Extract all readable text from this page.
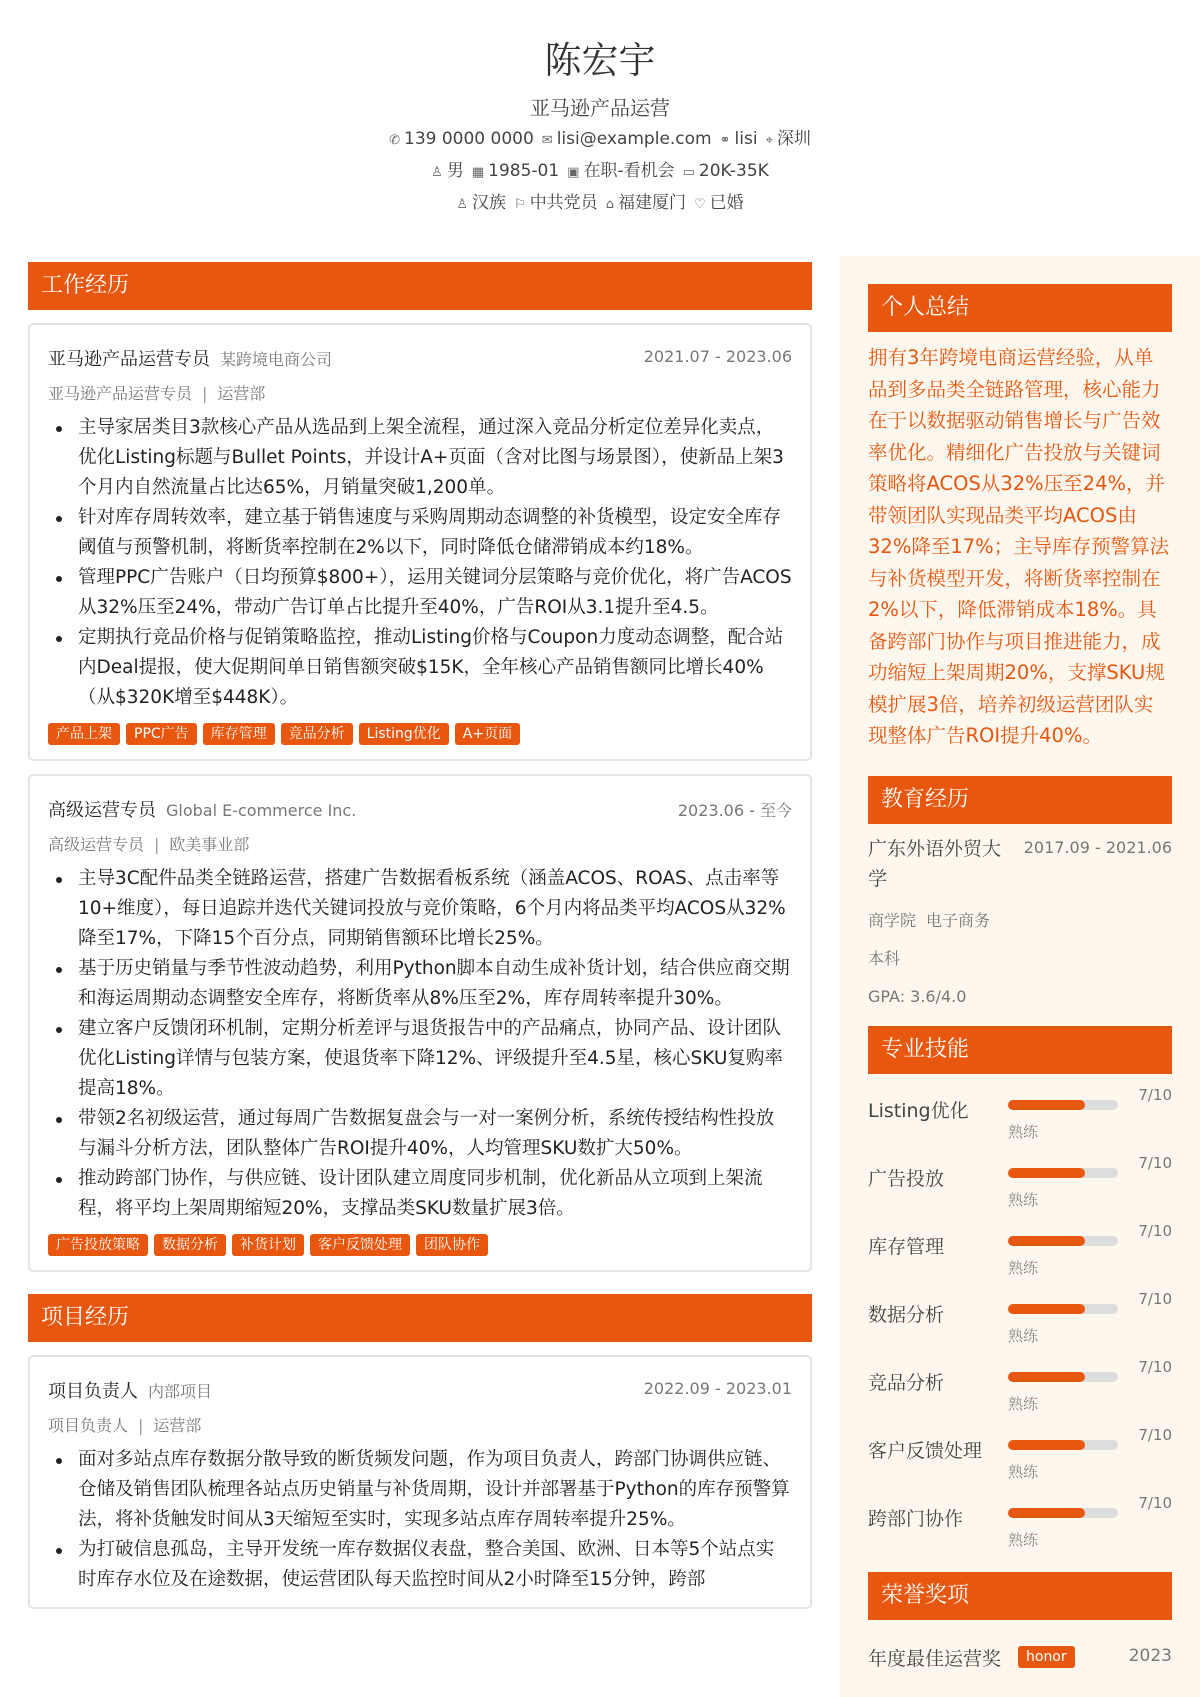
陈宏宇
亚马逊产品运营
✆ 139 0000 0000 ✉ lisi@example.com ⚭ lisi ⌖ 深圳
♙ 男 ▦ 1985-01 ▣ 在职-看机会 ▭ 20K-35K
♙ 汉族 ⚐ 中共党员 ⌂ 福建厦门 ♡ 已婚
工作经历
亚马逊产品运营专员 某跨境电商公司	2021.07 - 2023.06
亚马逊产品运营专员 | 运营部
主导家居类目3款核心产品从选品到上架全流程，通过深入竞品分析定位差异化卖点，优化Listing标题与Bullet Points，并设计A+页面（含对比图与场景图），使新品上架3个月内自然流量占比达65%，月销量突破1,200单。
针对库存周转效率，建立基于销售速度与采购周期动态调整的补货模型，设定安全库存阈值与预警机制，将断货率控制在2%以下，同时降低仓储滞销成本约18%。
管理PPC广告账户（日均预算$800+），运用关键词分层策略与竞价优化，将广告ACOS从32%压至24%，带动广告订单占比提升至40%，广告ROI从3.1提升至4.5。
定期执行竞品价格与促销策略监控，推动Listing价格与Coupon力度动态调整，配合站内Deal提报，使大促期间单日销售额突破$15K，全年核心产品销售额同比增长40%（从$320K增至$448K）。
产品上架 PPC广告 库存管理 竞品分析 Listing优化 A+页面
高级运营专员 Global E-commerce Inc.	2023.06 - 至今
高级运营专员 | 欧美事业部
主导3C配件品类全链路运营，搭建广告数据看板系统（涵盖ACOS、ROAS、点击率等10+维度），每日追踪并迭代关键词投放与竞价策略，6个月内将品类平均ACOS从32%降至17%，下降15个百分点，同期销售额环比增长25%。
基于历史销量与季节性波动趋势，利用Python脚本自动生成补货计划，结合供应商交期和海运周期动态调整安全库存，将断货率从8%压至2%，库存周转率提升30%。
建立客户反馈闭环机制，定期分析差评与退货报告中的产品痛点，协同产品、设计团队优化Listing详情与包装方案，使退货率下降12%、评级提升至4.5星，核心SKU复购率提高18%。
带领2名初级运营，通过每周广告数据复盘会与一对一案例分析，系统传授结构性投放与漏斗分析方法，团队整体广告ROI提升40%，人均管理SKU数扩大50%。
推动跨部门协作，与供应链、设计团队建立周度同步机制，优化新品从立项到上架流程，将平均上架周期缩短20%，支撑品类SKU数量扩展3倍。
广告投放策略 数据分析 补货计划 客户反馈处理 团队协作
项目经历
项目负责人 内部项目	2022.09 - 2023.01
项目负责人 | 运营部
面对多站点库存数据分散导致的断货频发问题，作为项目负责人，跨部门协调供应链、仓储及销售团队梳理各站点历史销量与补货周期，设计并部署基于Python的库存预警算法，将补货触发时间从3天缩短至实时，实现多站点库存周转率提升25%。
为打破信息孤岛，主导开发统一库存数据仪表盘，整合美国、欧洲、日本等5个站点实时库存水位及在途数据，使运营团队每天监控时间从2小时降至15分钟，跨部
个人总结
拥有3年跨境电商运营经验，从单品到多品类全链路管理，核心能力在于以数据驱动销售增长与广告效率优化。精细化广告投放与关键词策略将ACOS从32%压至24%，并带领团队实现品类平均ACOS由32%降至17%；主导库存预警算法与补货模型开发，将断货率控制在2%以下，降低滞销成本18%。具备跨部门协作与项目推进能力，成功缩短上架周期20%，支撑SKU规模扩展3倍，培养初级运营团队实现整体广告ROI提升40%。
教育经历
广东外语外贸大学
2017.09 - 2021.06
商学院 电子商务
本科
GPA: 3.6/4.0
专业技能
Listing优化
熟练
7/10
广告投放
熟练
7/10
库存管理
熟练
7/10
数据分析
熟练
7/10
竞品分析
熟练
7/10
客户反馈处理
熟练
7/10
跨部门协作
熟练
7/10
荣誉奖项
年度最佳运营奖	honor	2023
